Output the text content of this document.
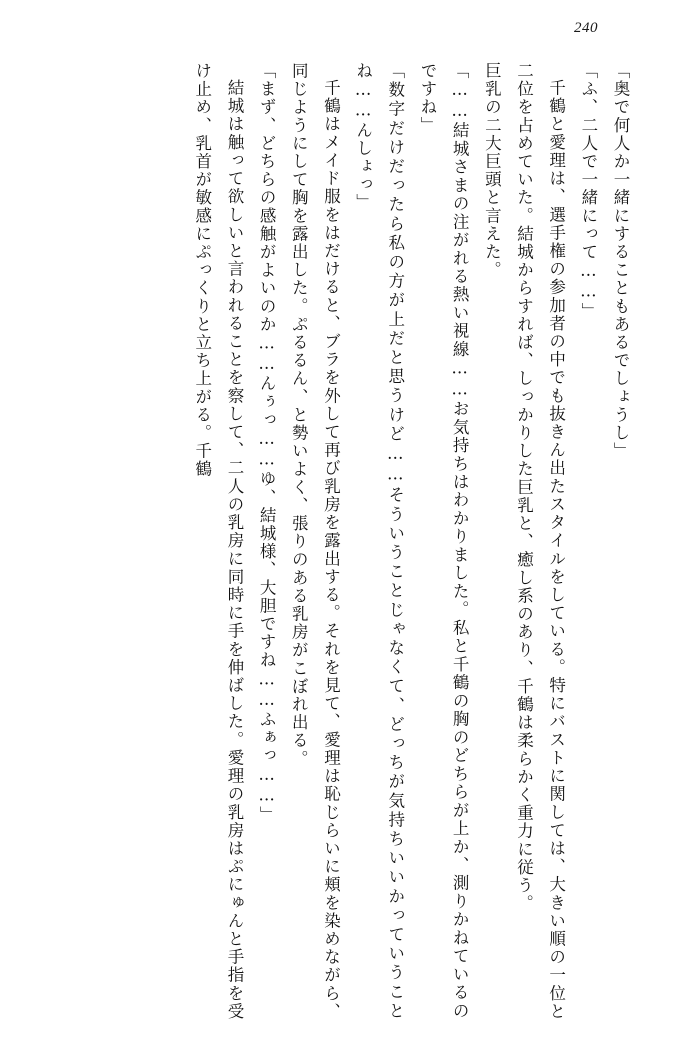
240

「奥で何人か一緒にすることもあるでしょうし」

「ふ、二人で一緒にって……」

千鶴と愛理は、選手権の参加者の中でも抜きん出たスタイルをしている。特にバストに関しては、大きい順の一位と二位を占めていた。結城からすれば、しっかりした巨乳と、癒し系のあり、千鶴は柔らかく重力に従う。

巨乳の二大巨頭と言えた。

「……結城さまの注がれる熱い視線……お気持ちはわかりました。私と千鶴の胸のどちらが上か、測りかねているのですね」

「数字だけだったら私の方が上だと思うけど……そういうことじゃなくて、どっちが気持ちいいかっていうことね……んしょっ」

千鶴はメイド服をはだけると、ブラを外して再び乳房を露出する。それを見て、愛理は恥じらいに頬を染めながら、同じようにして胸を露出した。ぷるるん、と勢いよく、張りのある乳房がこぼれ出る。

「まず、どちらの感触がよいのか……んぅっ……ゆ、結城様、大胆ですね……ふぁっ……」

結城は触って欲しいと言われることを察して、二人の乳房に同時に手を伸ばした。愛理の乳房はぷにゅんと手指を受け止め、乳首が敏感にぷっくりと立ち上がる。千鶴
